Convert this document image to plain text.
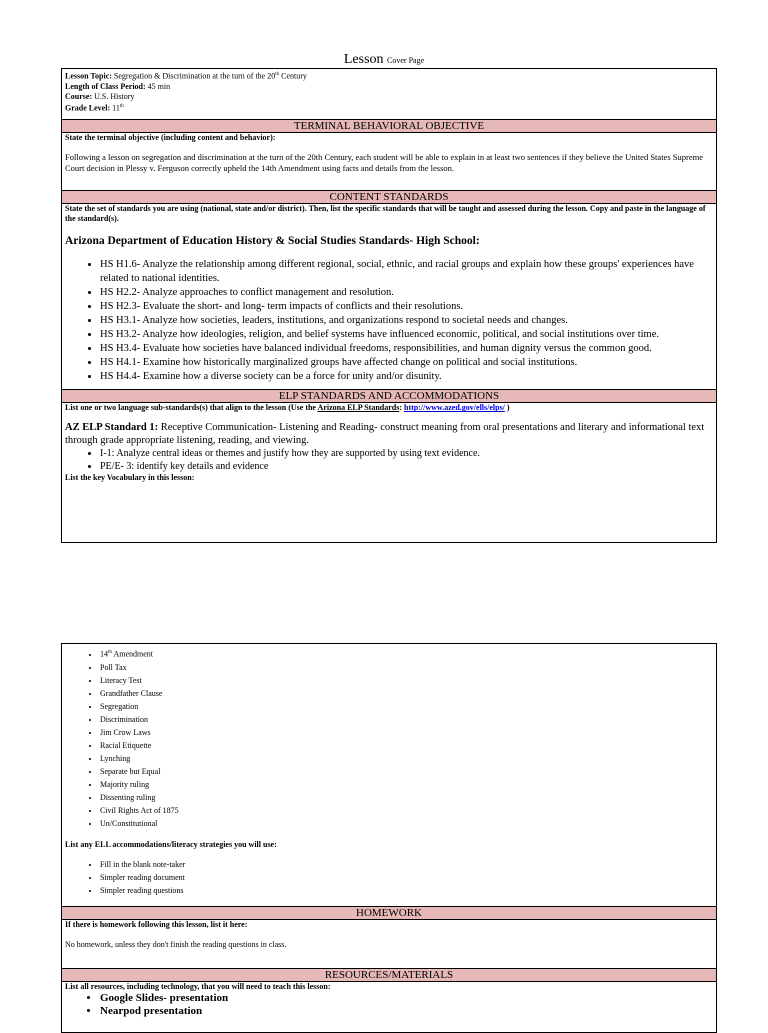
Lesson Cover Page
Lesson Topic: Segregation & Discrimination at the turn of the 20th Century
Length of Class Period: 45 min
Course: U.S. History
Grade Level: 11th
TERMINAL BEHAVIORAL OBJECTIVE
State the terminal objective (including content and behavior):
Following a lesson on segregation and discrimination at the turn of the 20th Century, each student will be able to explain in at least two sentences if they believe the United States Supreme Court decision in Plessy v. Ferguson correctly upheld the 14th Amendment using facts and details from the lesson.
CONTENT STANDARDS
State the set of standards you are using (national, state and/or district). Then, list the specific standards that will be taught and assessed during the lesson. Copy and paste in the language of the standard(s).
Arizona Department of Education History & Social Studies Standards- High School:
• HS H1.6- Analyze the relationship among different regional, social, ethnic, and racial groups and explain how these groups' experiences have related to national identities.
• HS H2.2- Analyze approaches to conflict management and resolution.
• HS H2.3- Evaluate the short- and long- term impacts of conflicts and their resolutions.
• HS H3.1- Analyze how societies, leaders, institutions, and organizations respond to societal needs and changes.
• HS H3.2- Analyze how ideologies, religion, and belief systems have influenced economic, political, and social institutions over time.
• HS H3.4- Evaluate how societies have balanced individual freedoms, responsibilities, and human dignity versus the common good.
• HS H4.1- Examine how historically marginalized groups have affected change on political and social institutions.
• HS H4.4- Examine how a diverse society can be a force for unity and/or disunity.
ELP STANDARDS AND ACCOMMODATIONS
List one or two language sub-standards(s) that align to the lesson (Use the Arizona ELP Standards: http://www.azed.gov/ells/elps/ )
AZ ELP Standard 1: Receptive Communication- Listening and Reading- construct meaning from oral presentations and literary and informational text through grade appropriate listening, reading, and viewing.
• I-1: Analyze central ideas or themes and justify how they are supported by using text evidence.
• PE/E- 3: identify key details and evidence
List the key Vocabulary in this lesson:
• 14th Amendment
• Poll Tax
• Literacy Test
• Grandfather Clause
• Segregation
• Discrimination
• Jim Crow Laws
• Racial Etiquette
• Lynching
• Separate but Equal
• Majority ruling
• Dissenting ruling
• Civil Rights Act of 1875
• Un/Constitutional
List any ELL accommodations/literacy strategies you will use:
• Fill in the blank note-taker
• Simpler reading document
• Simpler reading questions
HOMEWORK
If there is homework following this lesson, list it here:
No homework, unless they don't finish the reading questions in class.
RESOURCES/MATERIALS
List all resources, including technology, that you will need to teach this lesson:
• Google Slides- presentation
• Nearpod presentation
